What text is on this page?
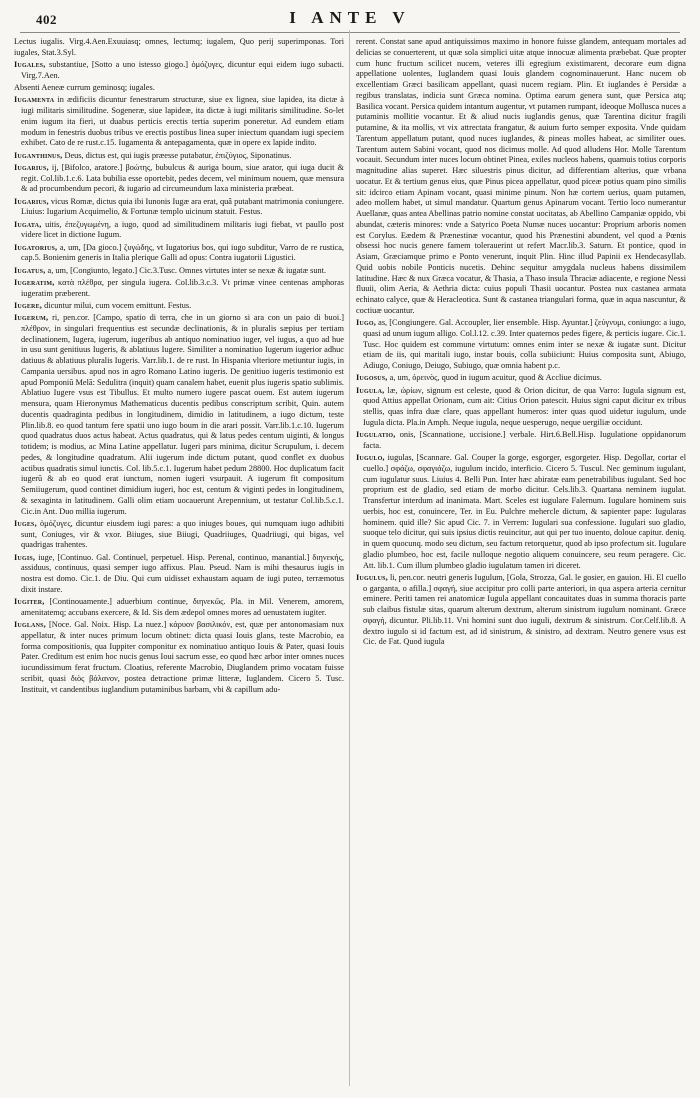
402	I ANTE V

Lectus iugalis. Virg.4.Aen.Exuuiasq; omnes, lectumq; iugalem, Quo perij superimponas. Tori iugales, Stat.3.Syl.

Iugales, substantiue, [Sotto a uno istesso giogo.] ὁμόζυγες, dicuntur equi eidem iugo subacti. Virg.7.Aen.

Absenti Aeneæ currum geminosq; iugales.

Iugamenta in ædificiis dicuntur fenestrarum structuræ, siue ex lignea, siue lapidea, ita dictæ à iugi militaris similitudine. Sogeneræ, siue lapideæ, ita dictæ à iugi militaris similitudine. So-let enim iugum ita fieri, ut duabus perticis erectis tertia superim poneretur. Ad eundem etiam modum in fenestris duobus tribus ve erectis postibus linea super iniectum quandam iugi speciem exhibet. Cato de re rust.c.15. Iugamenta & antepagamenta, quæ in opere ex lapide indito.

Iuganthinus, Deus, dictus est, qui iugis præesse putabatur, ἐπιζύγιος, Siponatinus.

Iugarius, ij, [Bifolco, aratore.] βοώτης, bubulcus & auriga boum, siue arator, qui iuga ducit & regit. Col.lib.1.c.6. Lata bubilia esse oportebit, pedes decem, vel minimum nouem, quæ mensura & ad procumbendum pecori, & iugario ad circumeundum laxa ministeria præbeat.

Iugarius, vicus Romæ, dictus quia ibi Iunonis Iugæ ara erat, quâ putabant matrimonia coniungere. Liuius: Iugarium Acquimelio, & Fortunæ templo uicinum statuit. Festus.

Iugata, uitis, ἐπεζυγωμένη, a iugo, quod ad similitudinem militaris iugi fiebat, vt paullo post videre licet in dictione Iugum.

Iugatorius, a, um, [Da gioco.] ζυγώδης, vt Iugatorius bos, qui iugo subditur, Varro de re rustica, cap.5. Bonienim generis in Italia plerique Galli ad opus: Contra iugatorii Ligustici.

Iugatus, a, um, [Congiunto, legato.] Cic.3.Tusc. Omnes virtutes inter se nexæ & iugatæ sunt.

Iugeratim, κατὰ πλέθρα, per singula iugera. Col.lib.3.c.3. Vt primæ vinee centenas amphoras iugeratim præberent.

Iugere, dicuntur milui, cum vocem emittunt. Festus.

Iugerum, ri, pen.cor. [Campo, spatio di terra, che in un giorno si ara con un paio di buoi.] πλέθρον, in singulari frequentius est secundæ declinationis, & in pluralis sæpius per tertiam declinationem, Iugera, iugerum, iugeribus ab antiquo nominatiuo iuger, vel iugus, a quo ad hue in usu sunt genitiuus Iugeris, & ablatiuus Iugere. Similiter a nominatiuo Iugerum iugerior adhuc datiuus & ablatiuus pluralis Iugeris. Varr.lib.1. de re rust. In Hispania vlteriore metiuntur iugis, in Campania uersibus. apud nos in agro Romano Latino iugeris. De genitiuo iugeris testimonio est apud Pomponiū Melā: Sedulitra (inquit) quam canalem habet, euenit plus iugeris spatio sublimis. Ablatiuo Iugere vsus est Tibullus. Et multo numero iugere pascat ouem. Est autem iugerum mensura, quam Hieronymus Mathematicus ducentis pedibus conscriptum scribit, Quin. autem ducentis quadraginta pedibus in longitudinem, dimidio in latitudinem, a iugo dictum, teste Plin.lib.8. eo quod tantum fere spatii uno iugo boum in die arari possit. Varr.lib.1.c.10. Iugerum quod quadratus duos actus habeat. Actus quadratus, qui & latus pedes centum uiginti, & longus totidem; is modius, ac Mina Latine appellatur. Iugeri pars minima, dicitur Scrupulum, i. decem pedes, & longitudine quadratum. Alii iugerum inde dictum putant, quod conflet ex duobus actibus quadratis simul iunctis. Col. lib.5.c.1. Iugerum habet pedum 28800. Hoc duplicatum facit iugerū & ab eo quod erat iunctum, nomen iugeri vsurpauit. A iugerum fit compositum Semiiugerum, quod continet dimidium iugeri, hoc est, centum & viginti pedes in longitudinem, & sexaginta in latitudinem. Galli olim etiam uocauerunt Arepennium, ut testatur Col.lib.5.c.1. Cic.in Ant. Duo millia iugerum.

Iuges, ὁμόζυγες, dicuntur eiusdem iugi pares: a quo iniuges boues, qui numquam iugo adhibiti sunt, Coniuges, vir & vxor. Biiuges, siue Biiugi, Quadriiuges, Quadriiugi, qui bigas, vel quadrigas trahentes.

Iugis, iuge, [Continuo. Gal. Continuel, perpetuel. Hisp. Perenal, continuo, manantial.] διηνεκής, assiduus, continuus, quasi semper iugo affixus. Plau. Pseud. Nam is mihi thesaurus iugis in nostra est domo. Cic.1. de Diu. Qui cum uidisset exhaustam aquam de iugi puteo, terræmotus dixit instare.

Iugiter, [Continouamente.] aduerbium continue, διηνεκῶς. Pla. in Mil. Venerem, amorem, amenitatemq; accubans exercere, & Id. Sis dem ædepol omnes mores ad uenustatem iugiter.

Iuglans, [Noce. Gal. Noix. Hisp. La nuez.] κάρυον βασιλικόν, est, quæ per antonomasiam nux appellatur, & inter nuces primum locum obtinet: dicta quasi Iouis glans, teste Macrobio, ea forma compositionis, qua Iuppiter componitur ex nominatiuo antiquo Iouis & Pater, quasi Iouis Pater. Creditum est enim hoc nucis genus Ioui sacrum esse, eo quod hæc arbor inter omnes nuces iucundissimum ferat fructum. Cloatius, referente Macrobio, Diuglandem primo vocatam fuisse scribit, quasi διὸς βάλανον, postea detractione primæ litteræ, Iuglandem. Cicero 5. Tusc. Instituit, vt candentibus iuglandium putaminibus barbam, vbi & capillum adu-

rerent. Constat sane apud antiquissimos maximo in honore fuisse glandem, antequam mortales ad delicias se conuerterent, ut quæ sola simplici uitæ atque innocuæ alimenta præbebat. Quæ propter cum hunc fructum scilicet nucem, veteres illi egregium existimarent, decorare eum digna appellatione uolentes, Iuglandem quasi Iouis glandem cognominauerunt. Hanc nucem ob excellentiam Græci basilicam appellant, quasi nucem regiam. Plin. Et iuglandes è Persidæ a regibus translatas, indicia sunt Græca nomina. Optima earum genera sunt, quæ Persica atq; Basilica vocant. Persica quidem intantum augentur, vt putamen rumpant, ideoque Mollusca nuces a putaminis mollitie vocantur. Et & aliud nucis iuglandis genus, quæ Tarentina dicitur fragili putamine, & ita mollis, vt vix attrectata frangatur, & auium furto semper exposita. Vnde quidam Tarentum appellatum putant, quod nuces iuglandes, & pineas molles habeat, ac similiter oues. Tarentum autem Sabini vocant, quod nos dicimus molle. Ad quod alludens Hor. Molle Tarentum vocauit. Secundum inter nuces locum obtinet Pinea, exiles nucleos habens, quamuis totius corporis magnitudine alias superet. Hæc siluestris pinus dicitur, ad differentiam alterius, quæ vrbana uocatur. Et & tertium genus eius, quæ Pinus picea appellatur, quod piceæ potius quam pino similis sit: idcirco etiam Apinam vocant, quasi minime pinum. Non hæ cortem uerius, quam putamen, adeo mollem habet, ut simul mandatur. Quartum genus Apinarum vocant. Tertio loco numerantur Auellanæ, quas antea Abellinas patrio nomine constat uocitatas, ab Abellino Campaniæ oppido, vbi abundat, cæteris minores: vnde a Satyrico Poeta Numæ nuces uocantur: Proprium arboris nomen est Corylus. Eædem & Prænestinæ vocantur, quod his Prænestini abundent, vel quod a Pœnis obsessi hoc nucis genere famem tolerauerint ut refert Macr.lib.3. Saturn. Et pontice, quod in Asiam, Græciamque primo e Ponto venerunt, inquit Plin. Hinc illud Papinii ex Hendecasyllab. Quid uobis nobile Ponticis nucetis. Dehinc sequitur amygdala nucleus habens dissimilem latitudine. Hæc & nux Græca vocatur, & Thasia, a Thaso insula Thraciæ adiacente, e regione Nessi fluuii, olim Aeria, & Aethria dicta: cuius populi Thasii uocantur. Postea nux castanea armata echinato calyce, quæ & Heracleotica. Sunt & castanea triangulari forma, quæ in aqua nascuntur, & coctiuæ uocantur.

Iugo, as, [Congiungere. Gal. Accoupler, lier ensemble. Hisp. Ayuntar.] ζεύγνυμι, coniungo: a iugo, quasi ad unum iugum alligo. Col.l.12. c.39. Inter quaternos pedes figere, & perticis iugare. Cic.1. Tusc. Hoc quidem est commune virtutum: omnes enim inter se nexæ & iugatæ sunt. Dicitur etiam de iis, qui maritali iugo, instar bouis, colla subiiciunt: Huius composita sunt, Abiugo, Adiugo, Coniugo, Deiugo, Subiugo, quæ omnia habent p.c.

Iugosus, a, um, ὀρεινὸς, quod in iugum acuitur, quod & Accliue dicimus.

Iugula, læ, ὠρίων, signum est celeste, quod & Orion dicitur, de qua Varro: Iugula signum est, quod Attius appellat Orionam, cum ait: Citius Orion patescit. Huius signi caput dicitur ex tribus stellis, quas infra duæ clare, quas appellant humeros: inter quas quod uidetur iugulum, unde Iugula dicta. Pla.in Amph. Neque iugula, neque uesperugo, neque uergiliæ occidunt.

Iugulatio, onis, [Scannatione, uccisione.] verbale. Hirt.6.Bell.Hisp. Iugulatione oppidanorum facta.

Iugulo, iugulas, [Scannare. Gal. Couper la gorge, esgorger, esgorgeter. Hisp. Degollar, cortar el cuello.] σφάζω, σφαγιάζω, iugulum incido, interficio. Cicero 5. Tuscul. Nec geminum iugulant, cum iugulatur suus. Liuius 4. Belli Pun. Inter hæc abiratæ eam penetrabilibus iugulant. Sed hoc proprium est de gladio, sed etiam de morbo dicitur. Cels.lib.3. Quartana neminem iugulat. Transfertur interdum ad inanimata. Mart. Sceles est iugulare Falernum. Iugulare hominem suis uerbis, hoc est, conuincere, Ter. in Eu. Pulchre mehercle dictum, & sapienter pape: Iugularas hominem. quid ille? Sic apud Cic. 7. in Verrem: Iugulari sua confessione. Iugulari suo gladio, suoque telo dicitur, qui suis ipsius dictis reuincitur, aut qui per tuo inuento, doloue capitur. deniq. in quem quocunq. modo seu dictum, seu factum retorquetur, quod ab ipso profectum sit. Iugulare gladio plumbeo, hoc est, facile nulloque negotio aliquem conuincere, seu reum peragere. Cic. Att. lib.1. Cum illum plumbeo gladio iugulatum tamen iri diceret.

Iugulus, li, pen.cor. neutri generis Iugulum, [Gola, Strozza, Gal. le gosier, en gauion. Hi. El cuello o garganta, o afilla.] σφαγή, siue accipitur pro colli parte anteriori, in qua aspera arteria cernitur eminere. Periti tamen rei anatomicæ Iugula appellant concauitates duas in summa thoracis parte sub claibus fistulæ sitas, quarum alterum dextrum, alterum sinistrum iugulum nominant. Græce σφαγή, dicuntur. Pli.lib.11. Vni homini sunt duo iuguli, dextrum & sinistrum. Cor.Celf.lib.8. A dextro iugulo si id factum est, ad id sinistrum, & sinistro, ad dextram. Neutro genere vsus est Cic. de Fat. Quod iugula
